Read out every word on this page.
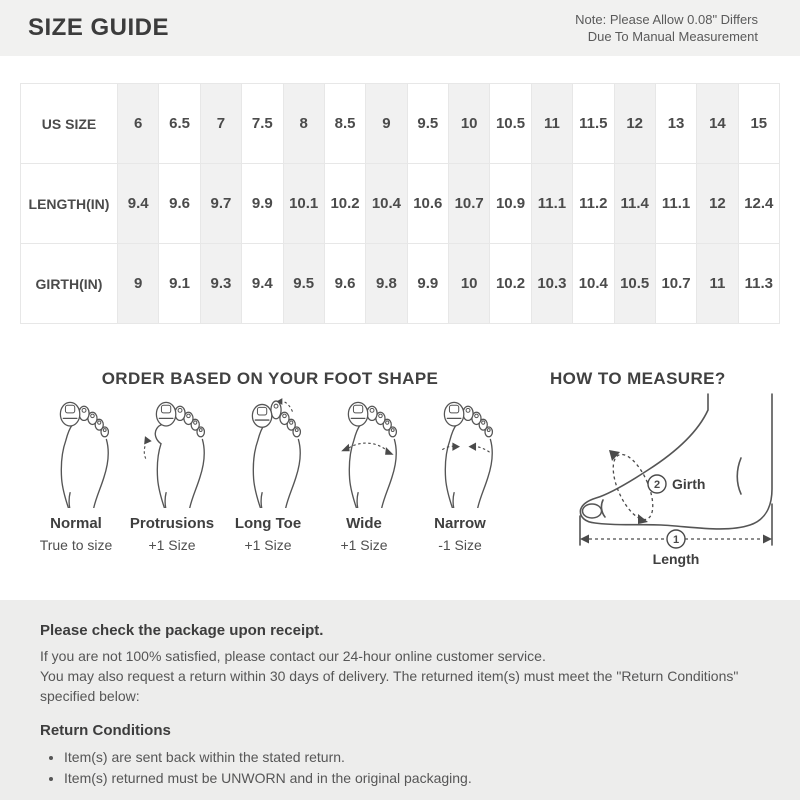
SIZE GUIDE	Note: Please Allow 0.08" Differs
Due To Manual Measurement
US SIZE	6	6.5	7	7.5	8	8.5	9	9.5	10	10.5	11	11.5	12	13	14	15
LENGTH(IN)	9.4	9.6	9.7	9.9	10.1	10.2	10.4	10.6	10.7	10.9	11.1	11.2	11.4	11.1	12	12.4
GIRTH(IN)	9	9.1	9.3	9.4	9.5	9.6	9.8	9.9	10	10.2	10.3	10.4	10.5	10.7	11	11.3
ORDER BASED ON YOUR FOOT SHAPE	HOW TO MEASURE?
Normal
True to size
Protrusions
+1 Size
Long Toe
+1 Size
Wide
+1 Size
Narrow
-1 Size
2 Girth
1
Length

Please check the package upon receipt.

If you are not 100% satisfied, please contact our 24-hour online customer service.

You may also request a return within 30 days of delivery. The returned item(s) must meet the "Return Conditions" specified below:

Return Conditions

• Item(s) are sent back within the stated return.
• Item(s) returned must be UNWORN and in the original packaging.
